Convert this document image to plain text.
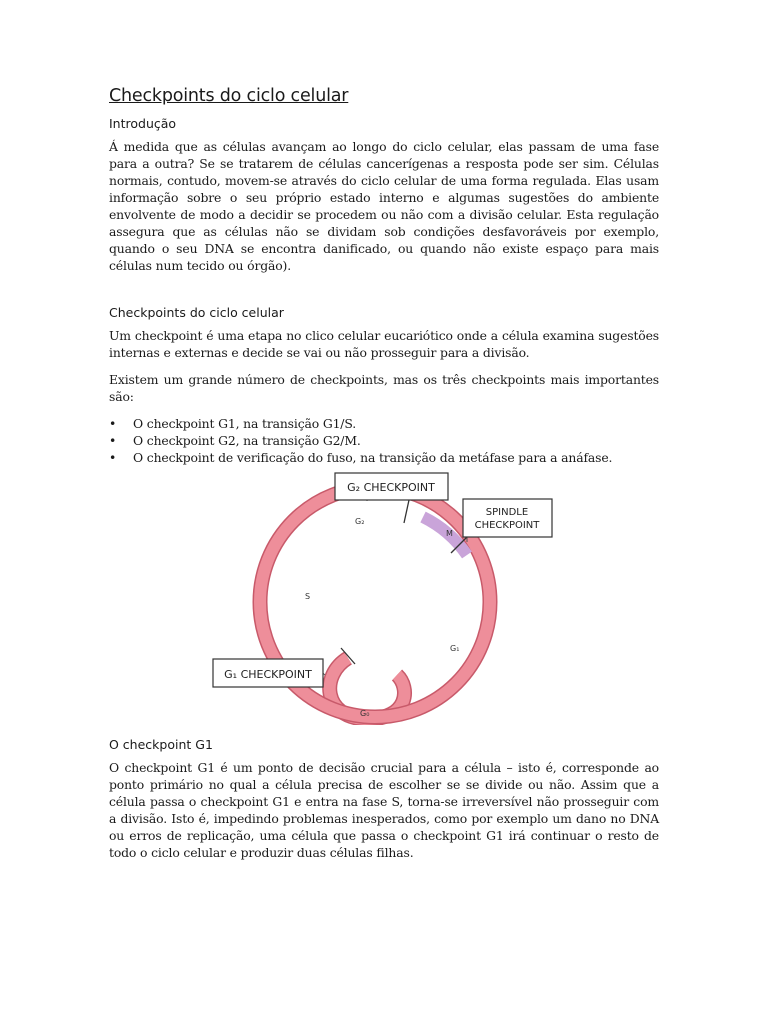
Checkpoints do ciclo celular
Introdução

Á medida que as células avançam ao longo do ciclo celular, elas passam de uma fase para a outra? Se se tratarem de células cancerígenas a resposta pode ser sim. Células normais, contudo, movem-se através do ciclo celular de uma forma regulada. Elas usam informação sobre o seu próprio estado interno e algumas sugestões do ambiente envolvente de modo a decidir se procedem ou não com a divisão celular. Esta regulação assegura que as células não se dividam sob condições desfavoráveis por exemplo, quando o seu DNA se encontra danificado, ou quando não existe espaço para mais células num tecido ou órgão).

Checkpoints do ciclo celular

Um checkpoint é uma etapa no clico celular eucariótico onde a célula examina sugestões internas e externas e decide se vai ou não prosseguir para a divisão.

Existem um grande número de checkpoints, mas os três checkpoints mais importantes são:

• O checkpoint G1, na transição G1/S.
• O checkpoint G2, na transição G2/M.
• O checkpoint de verificação do fuso, na transição da metáfase para a anáfase.
G₂ CHECKPOINT
SPINDLE
CHECKPOINT
G₁ CHECKPOINT
G₂
M
S
G₁
G₀
O checkpoint G1

O checkpoint G1 é um ponto de decisão crucial para a célula – isto é, corresponde ao ponto primário no qual a célula precisa de escolher se se divide ou não. Assim que a célula passa o checkpoint G1 e entra na fase S, torna-se irreversível não prosseguir com a divisão. Isto é, impedindo problemas inesperados, como por exemplo um dano no DNA ou erros de replicação, uma célula que passa o checkpoint G1 irá continuar o resto de todo o ciclo celular e produzir duas células filhas.
